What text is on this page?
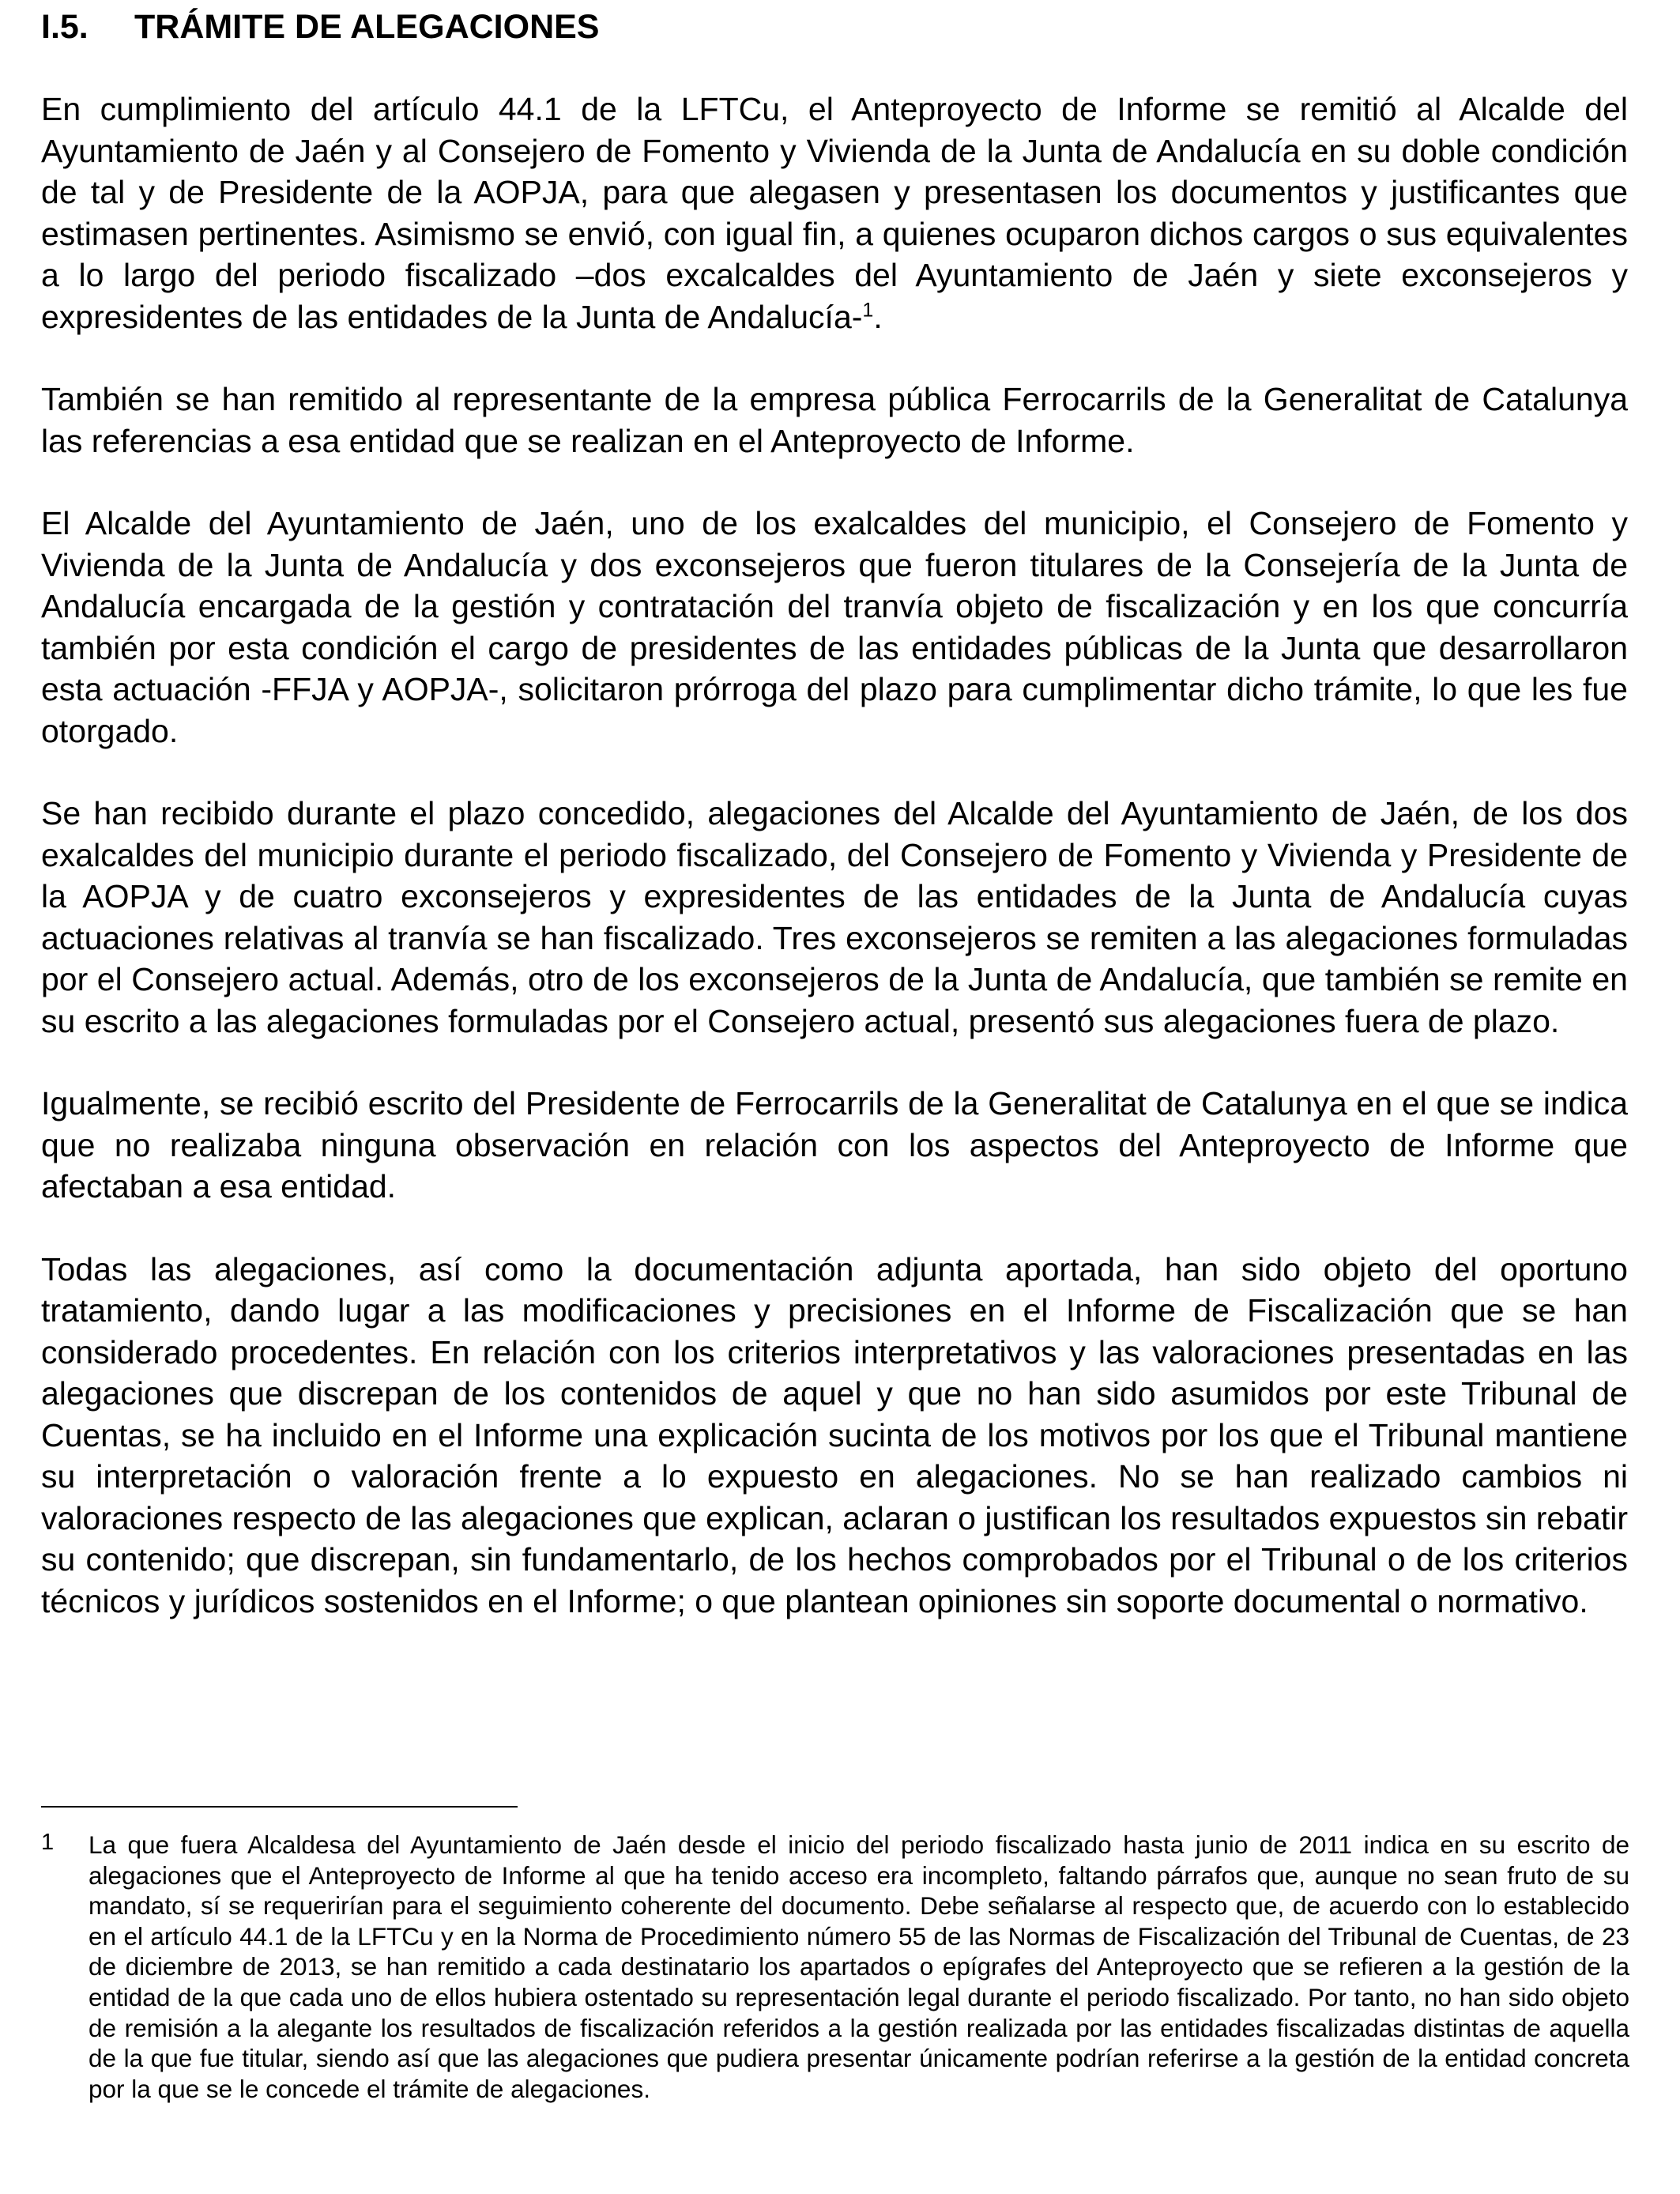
I.5. TRÁMITE DE ALEGACIONES

En cumplimiento del artículo 44.1 de la LFTCu, el Anteproyecto de Informe se remitió al Alcalde del Ayuntamiento de Jaén y al Consejero de Fomento y Vivienda de la Junta de Andalucía en su doble condición de tal y de Presidente de la AOPJA, para que alegasen y presentasen los documentos y justificantes que estimasen pertinentes. Asimismo se envió, con igual fin, a quienes ocuparon dichos cargos o sus equivalentes a lo largo del periodo fiscalizado –dos excalcaldes del Ayuntamiento de Jaén y siete exconsejeros y expresidentes de las entidades de la Junta de Andalucía-$^1$.

También se han remitido al representante de la empresa pública Ferrocarrils de la Generalitat de Catalunya las referencias a esa entidad que se realizan en el Anteproyecto de Informe.

El Alcalde del Ayuntamiento de Jaén, uno de los exalcaldes del municipio, el Consejero de Fomento y Vivienda de la Junta de Andalucía y dos exconsejeros que fueron titulares de la Consejería de la Junta de Andalucía encargada de la gestión y contratación del tranvía objeto de fiscalización y en los que concurría también por esta condición el cargo de presidentes de las entidades públicas de la Junta que desarrollaron esta actuación -FFJA y AOPJA-, solicitaron prórroga del plazo para cumplimentar dicho trámite, lo que les fue otorgado.

Se han recibido durante el plazo concedido, alegaciones del Alcalde del Ayuntamiento de Jaén, de los dos exalcaldes del municipio durante el periodo fiscalizado, del Consejero de Fomento y Vivienda y Presidente de la AOPJA y de cuatro exconsejeros y expresidentes de las entidades de la Junta de Andalucía cuyas actuaciones relativas al tranvía se han fiscalizado. Tres exconsejeros se remiten a las alegaciones formuladas por el Consejero actual. Además, otro de los exconsejeros de la Junta de Andalucía, que también se remite en su escrito a las alegaciones formuladas por el Consejero actual, presentó sus alegaciones fuera de plazo.

Igualmente, se recibió escrito del Presidente de Ferrocarrils de la Generalitat de Catalunya en el que se indica que no realizaba ninguna observación en relación con los aspectos del Anteproyecto de Informe que afectaban a esa entidad.

Todas las alegaciones, así como la documentación adjunta aportada, han sido objeto del oportuno tratamiento, dando lugar a las modificaciones y precisiones en el Informe de Fiscalización que se han considerado procedentes. En relación con los criterios interpretativos y las valoraciones presentadas en las alegaciones que discrepan de los contenidos de aquel y que no han sido asumidos por este Tribunal de Cuentas, se ha incluido en el Informe una explicación sucinta de los motivos por los que el Tribunal mantiene su interpretación o valoración frente a lo expuesto en alegaciones. No se han realizado cambios ni valoraciones respecto de las alegaciones que explican, aclaran o justifican los resultados expuestos sin rebatir su contenido; que discrepan, sin fundamentarlo, de los hechos comprobados por el Tribunal o de los criterios técnicos y jurídicos sostenidos en el Informe; o que plantean opiniones sin soporte documental o normativo.

1 La que fuera Alcaldesa del Ayuntamiento de Jaén desde el inicio del periodo fiscalizado hasta junio de 2011 indica en su escrito de alegaciones que el Anteproyecto de Informe al que ha tenido acceso era incompleto, faltando párrafos que, aunque no sean fruto de su mandato, sí se requerirían para el seguimiento coherente del documento. Debe señalarse al respecto que, de acuerdo con lo establecido en el artículo 44.1 de la LFTCu y en la Norma de Procedimiento número 55 de las Normas de Fiscalización del Tribunal de Cuentas, de 23 de diciembre de 2013, se han remitido a cada destinatario los apartados o epígrafes del Anteproyecto que se refieren a la gestión de la entidad de la que cada uno de ellos hubiera ostentado su representación legal durante el periodo fiscalizado. Por tanto, no han sido objeto de remisión a la alegante los resultados de fiscalización referidos a la gestión realizada por las entidades fiscalizadas distintas de aquella de la que fue titular, siendo así que las alegaciones que pudiera presentar únicamente podrían referirse a la gestión de la entidad concreta por la que se le concede el trámite de alegaciones.
